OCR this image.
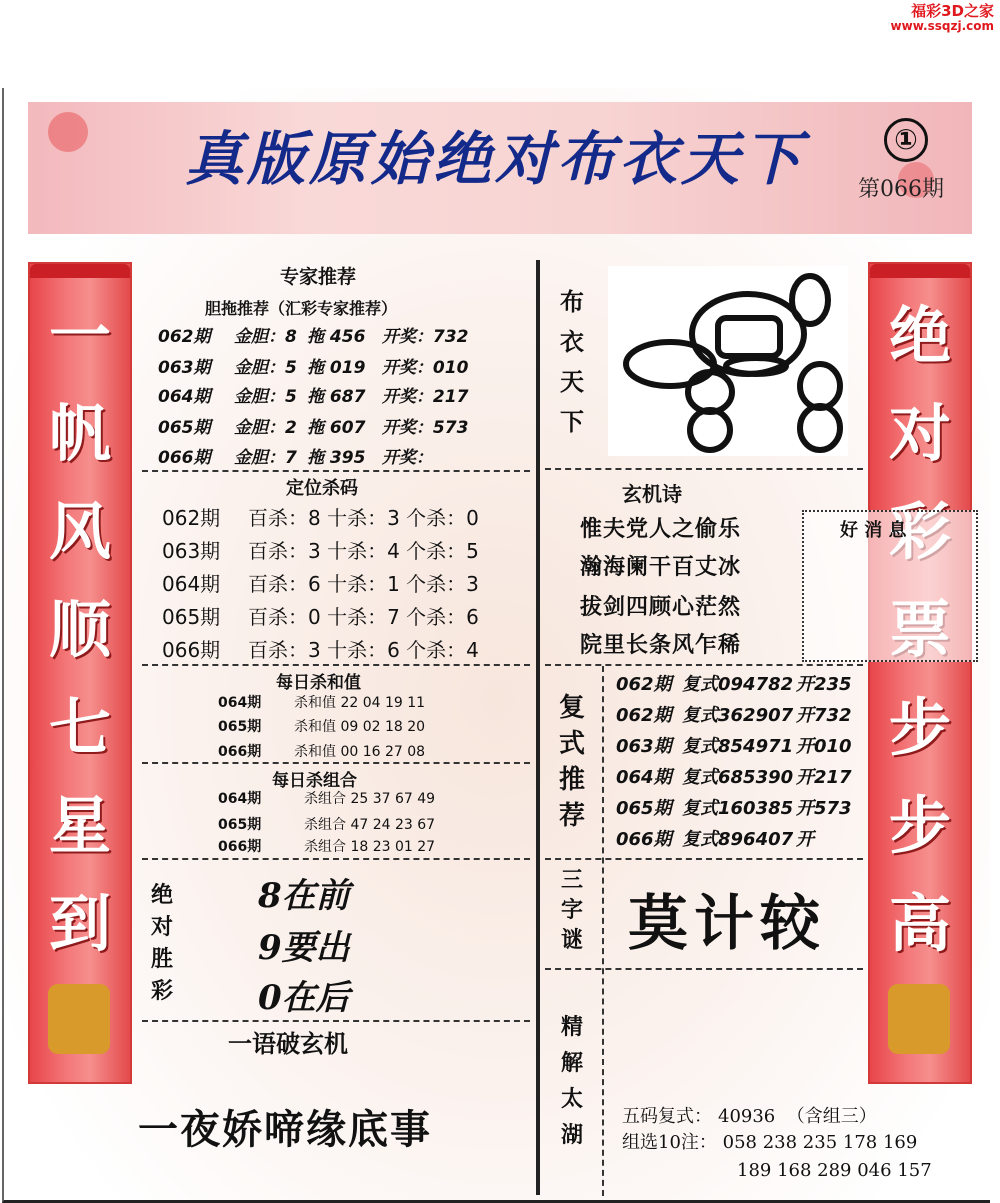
福彩3D之家
www.ssqzj.com
真版原始绝对布衣天下	①
第066期
一
帆
风
顺
七
星
到
绝
对
步
步
高
专家推荐
胆拖推荐（汇彩专家推荐）
062期 金胆：8 拖 456 开奖：732
063期 金胆：5 拖 019 开奖：010
064期 金胆：5 拖 687 开奖：217
065期 金胆：2 拖 607 开奖：573
066期 金胆：7 拖 395 开奖：
定位杀码
062期 百杀：8 十杀：3 个杀：0
063期 百杀：3 十杀：4 个杀：5
064期 百杀：6 十杀：1 个杀：3
065期 百杀：0 十杀：7 个杀：6
066期 百杀：3 十杀：6 个杀：4
每日杀和值
064期 杀和值 22 04 19 11
065期 杀和值 09 02 18 20
066期 杀和值 00 16 27 08
每日杀组合
064期	杀组合 25 37 67 49
065期	杀组合 47 24 23 67
066期	杀组合 18 23 01 27
绝
对
胜
彩
8在前
9要出
0在后
一语破玄机
一夜娇啼缘底事
布
衣
天
下
玄机诗
惟夫党人之偷乐
瀚海阑干百丈冰
拔剑四顾心茫然
院里长条风乍稀
好 消 息
复
式
推
荐
062期 复式094782 开235
062期 复式362907 开732
063期 复式854971 开010
064期 复式685390 开217
065期 复式160385 开573
066期 复式896407 开
三
字
谜 莫计较
精
解
太
湖
五码复式： 40936 （含组三）
组选10注： 058 238 235 178 169
189 168 289 046 157
